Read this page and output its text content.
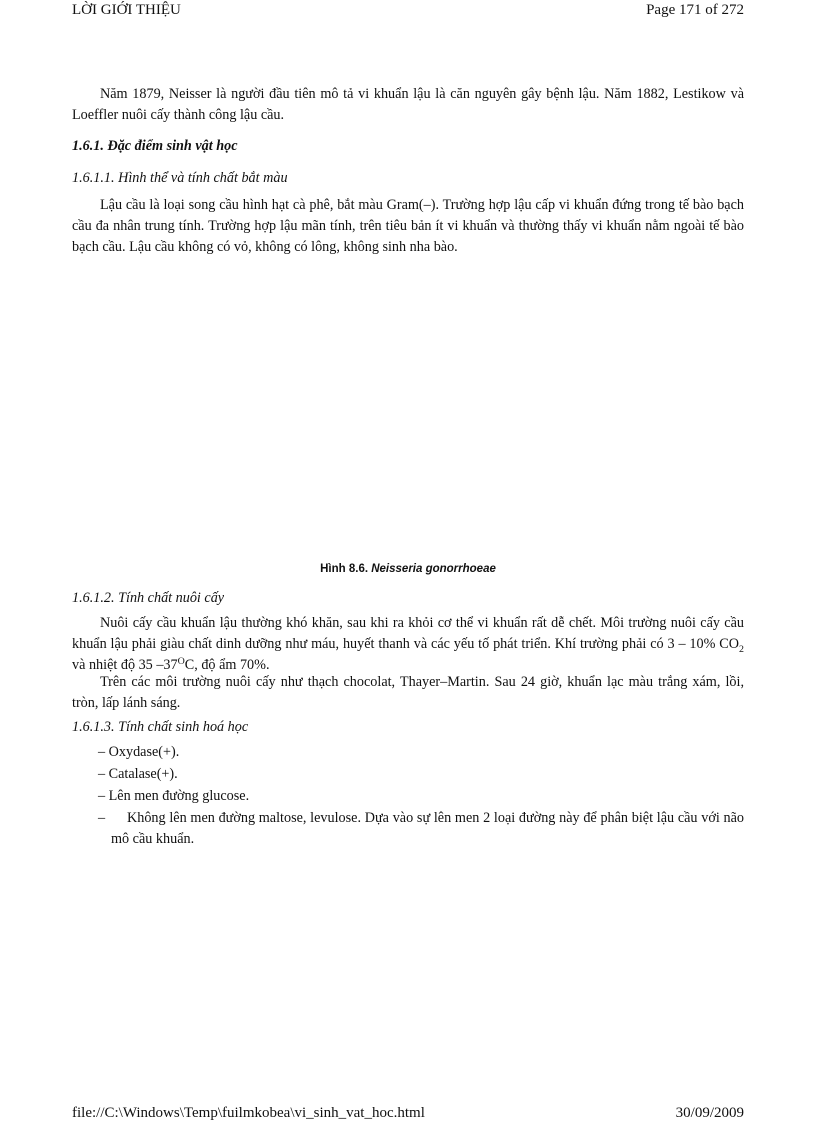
LỜI GIỚI THIỆU	Page 171 of 272

Năm 1879, Neisser là người đầu tiên mô tả vi khuẩn lậu là căn nguyên gây bệnh lậu. Năm 1882, Lestikow và Loeffler nuôi cấy thành công lậu cầu.

1.6.1. Đặc điểm sinh vật học

1.6.1.1. Hình thể và tính chất bắt màu

Lậu cầu là loại song cầu hình hạt cà phê, bắt màu Gram(–). Trường hợp lậu cấp vi khuẩn đứng trong tế bào bạch cầu đa nhân trung tính. Trường hợp lậu mãn tính, trên tiêu bản ít vi khuẩn và thường thấy vi khuẩn nằm ngoài tế bào bạch cầu. Lậu cầu không có vỏ, không có lông, không sinh nha bào.

Hình 8.6. Neisseria gonorrhoeae

1.6.1.2. Tính chất nuôi cấy

Nuôi cấy cầu khuẩn lậu thường khó khăn, sau khi ra khỏi cơ thể vi khuẩn rất dễ chết. Môi trường nuôi cấy cầu khuẩn lậu phải giàu chất dinh dưỡng như máu, huyết thanh và các yếu tố phát triển. Khí trường phải có 3 – 10% $CO_2$ và nhiệt độ 35 $-37^OC$, độ ẩm 70%.

Trên các môi trường nuôi cấy như thạch chocolat, Thayer–Martin. Sau 24 giờ, khuẩn lạc màu trắng xám, lồi, tròn, lấp lánh sáng.

1.6.1.3. Tính chất sinh hoá học

– Oxydase(+).
– Catalase(+).
– Lên men đường glucose.
–	Không lên men đường maltose, levulose. Dựa vào sự lên men 2 loại đường này để phân biệt lậu cầu với não mô cầu khuẩn.
file://C:\Windows\Temp\fuilmkobea\vi_sinh_vat_hoc.html	30/09/2009
